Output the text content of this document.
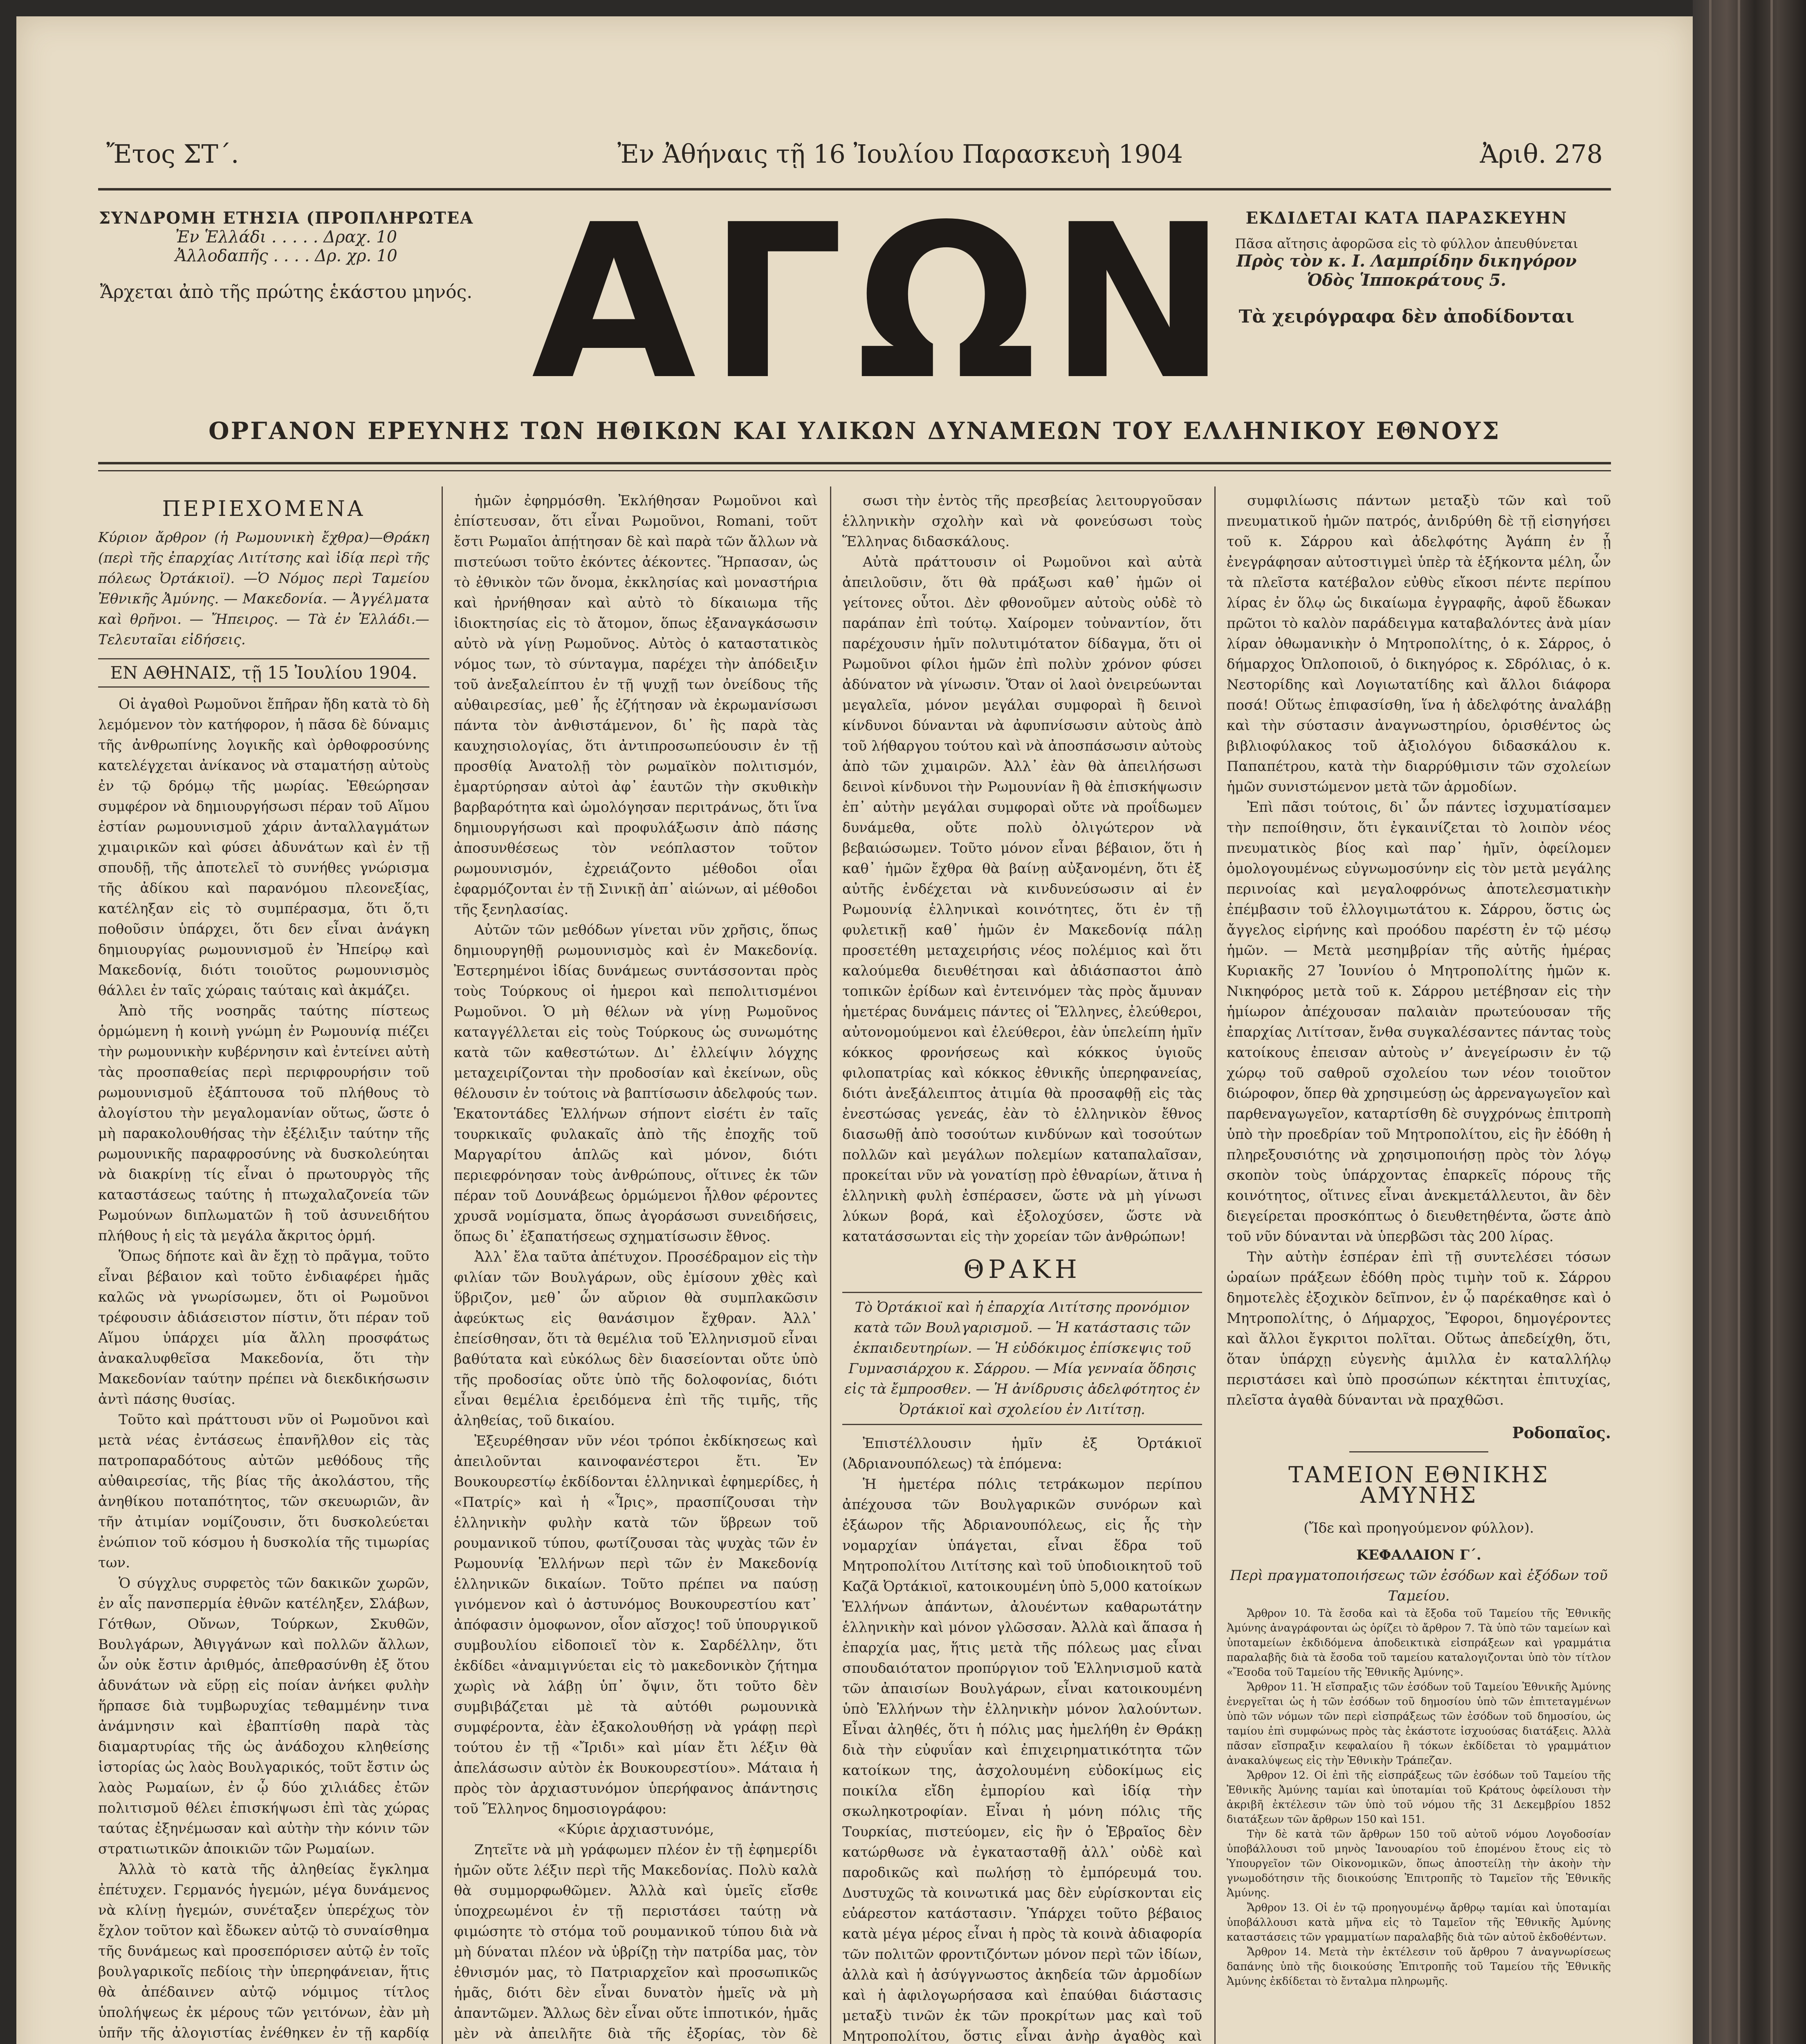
Ἔτος ΣΤ΄.	Ἐν Ἀθήναις τῇ 16 Ἰουλίου Παρασκευὴ 1904	Ἀριθ. 278
ΣΥΝΔΡΟΜΗ ΕΤΗΣΙΑ (ΠΡΟΠΛΗΡΩΤΕΑ
Ἐν Ἑλλάδι . . . . . Δραχ. 10
Ἀλλοδαπῆς . . . . Δρ. χρ. 10
Ἄρχεται ἀπὸ τῆς πρώτης ἑκάστου μηνός. ΑΓΩΝ ΕΚΔΙΔΕΤΑΙ ΚΑΤΑ ΠΑΡΑΣΚΕΥΗΝ
Πᾶσα αἴτησις ἀφορῶσα εἰς τὸ φύλλον ἀπευθύνεται
Πρὸς τὸν κ. Ι. Λαμπρίδην δικηγόρον
Ὁδὸς Ἱπποκράτους 5.
Τὰ χειρόγραφα δὲν ἀποδίδονται
ΟΡΓΑΝΟΝ ΕΡΕΥΝΗΣ ΤΩΝ ΗΘΙΚΩΝ ΚΑΙ ΥΛΙΚΩΝ ΔΥΝΑΜΕΩΝ ΤΟΥ ΕΛΛΗΝΙΚΟΥ ΕΘΝΟΥΣ
ΠΕΡΙΕΧΟΜΕΝΑ
Κύριον ἄρθρον (ἡ Ρωμουνικὴ ἔχθρα)—Θράκη (περὶ τῆς ἐπαρχίας Λιτίτσης καὶ ἰδίᾳ περὶ τῆς πόλεως Ὀρτάκιοϊ). —Ὁ Νόμος περὶ Ταμείου Ἐθνικῆς Ἀμύνης. — Μακεδονία. — Ἀγγέλματα καὶ θρῆνοι. — Ἤπειρος. — Τὰ ἐν Ἑλλάδι.—Τελευταῖαι εἰδήσεις.
ΕΝ ΑΘΗΝΑΙΣ, τῇ 15 Ἰουλίου 1904.

Οἱ ἀγαθοὶ Ρωμοῦνοι ἔπῆραν ἤδη κατὰ τὸ δὴ λεμόμενον τὸν κατήφορον, ἡ πᾶσα δὲ δύναμις τῆς ἀνθρωπίνης λογικῆς καὶ ὀρθοφροσύνης κατελέγχεται ἀνίκανος νὰ σταματήσῃ αὐτοὺς ἐν τῷ δρόμῳ τῆς μωρίας. Ἐθεώρησαν συμφέρον νὰ δημιουργήσωσι πέραν τοῦ Αἵμου ἐστίαν ρωμουνισμοῦ χάριν ἀνταλλαγμάτων χιμαιρικῶν καὶ φύσει ἀδυνάτων καὶ ἐν τῇ σπουδῇ, τῆς ἀποτελεῖ τὸ συνήθες γνώρισμα τῆς ἀδίκου καὶ παρανόμου πλεονεξίας, κατέληξαν εἰς τὸ συμπέρασμα, ὅτι ὅ,τι ποθοῦσιν ὑπάρχει, ὅτι δεν εἶναι ἀνάγκη δημιουργίας ρωμουνισμοῦ ἐν Ἠπείρῳ καὶ Μακεδονίᾳ, διότι τοιοῦτος ρωμουνισμὸς θάλλει ἐν ταῖς χώραις ταύταις καὶ ἀκμάζει.

Ἀπὸ τῆς νοσηρᾶς ταύτης πίστεως ὁρμώμενη ἡ κοινὴ γνώμη ἐν Ρωμουνίᾳ πιέζει τὴν ρωμουνικὴν κυβέρνησιν καὶ ἐντείνει αὐτὴ τὰς προσπαθείας περὶ περιφρουρήσιν τοῦ ρωμουνισμοῦ ἐξάπτουσα τοῦ πλήθους τὸ ἀλογίστου τὴν μεγαλομανίαν οὕτως, ὥστε ὁ μὴ παρακολουθήσας τὴν ἐξέλιξιν ταύτην τῆς ρωμουνικῆς παραφροσύνης νὰ δυσκολεύηται νὰ διακρίνῃ τίς εἶναι ὁ πρωτουργὸς τῆς καταστάσεως ταύτης ἡ πτωχαλαζονεία τῶν Ρωμούνων διπλωματῶν ἢ τοῦ ἀσυνειδήτου πλήθους ἡ εἰς τὰ μεγάλα ἄκριτος ὁρμή.

Ὅπως δήποτε καὶ ἂν ἔχῃ τὸ πρᾶγμα, τοῦτο εἶναι βέβαιον καὶ τοῦτο ἐνδιαφέρει ἡμᾶς καλῶς νὰ γνωρίσωμεν, ὅτι οἱ Ρωμοῦνοι τρέφουσιν ἀδιάσειστον πίστιν, ὅτι πέραν τοῦ Αἵμου ὑπάρχει μία ἄλλη προσφάτως ἀνακαλυφθεῖσα Μακεδονία, ὅτι τὴν Μακεδονίαν ταύτην πρέπει νὰ διεκδικήσωσιν ἀντὶ πάσης θυσίας.

Τοῦτο καὶ πράττουσι νῦν οἱ Ρωμοῦνοι καὶ μετὰ νέας ἐντάσεως ἐπανῆλθον εἰς τὰς πατροπαραδότους αὐτῶν μεθόδους τῆς αὐθαιρεσίας, τῆς βίας τῆς ἀκολάστου, τῆς ἀνηθίκου ποταπότητος, τῶν σκευωριῶν, ἂν τῆν ἀτιμίαν νομίζουσιν, ὅτι δυσκολεύεται ἐνώπιον τοῦ κόσμου ἡ δυσκολία τῆς τιμωρίας των.

Ὁ σύγχλυς συρφετὸς τῶν δακικῶν χωρῶν, ἐν αἷς πανσπερμία ἐθνῶν κατέληξεν, Σλάβων, Γότθων, Οὔνων, Τούρκων, Σκυθῶν, Βουλγάρων, Ἀθιγγάνων καὶ πολλῶν ἄλλων, ὧν οὐκ ἔστιν ἀριθμός, ἀπεθρασύνθη ἐξ ὅτου ἀδυνάτων νὰ εὕρῃ εἰς ποίαν ἀνήκει φυλὴν ἥρπασε διὰ τυμβωρυχίας τεθαμμένην τινα ἀνάμνησιν καὶ ἐβαπτίσθη παρὰ τὰς διαμαρτυρίας τῆς ὡς ἀνάδοχου κληθείσης ἱστορίας ὡς λαὸς Βουλγαρικός, τοῦτ ἔστιν ὡς λαὸς Ρωμαίων, ἐν ᾧ δύο χιλιάδες ἐτῶν πολιτισμοῦ θέλει ἐπισκήψωσι ἐπὶ τὰς χώρας ταύτας ἐξηνέμωσαν καὶ αὐτὴν τὴν κόνιν τῶν στρατιωτικῶν ἀποικιῶν τῶν Ρωμαίων.

Ἀλλὰ τὸ κατὰ τῆς ἀληθείας ἔγκλημα ἐπέτυχεν. Γερμανός ἡγεμών, μέγα δυνάμενος νὰ κλίνῃ ἡγεμών, συνέταξεν ὑπερέχως τὸν ἔχλον τοῦτον καὶ ἔδωκεν αὐτῷ τὸ συναίσθημα τῆς δυνάμεως καὶ προσεπόρισεν αὐτῷ ἐν τοῖς βουλγαρικοῖς πεδίοις τὴν ὑπερηφάνειαν, ἥτις θὰ ἀπέδαινεν αὐτῷ νόμιμος τίτλος ὑπολήψεως ἐκ μέρους τῶν γειτόνων, ἐὰν μὴ ὑπῆν τῆς ἀλογιστίας ἐνέθηκεν ἐν τῇ καρδίᾳ

ἡμῶν ἐφηρμόσθη. Ἐκλήθησαν Ρωμοῦνοι καὶ ἐπίστευσαν, ὅτι εἶναι Ρωμοῦνοι, Romani, τοῦτ ἔστι Ρωμαῖοι ἀπῄτησαν δὲ καὶ παρὰ τῶν ἄλλων νὰ πιστεύωσι τοῦτο ἐκόντες ἀέκοντες. Ἥρπασαν, ὡς τὸ ἐθνικὸν τῶν ὄνομα, ἐκκλησίας καὶ μοναστήρια καὶ ἠρνήθησαν καὶ αὐτὸ τὸ δίκαιωμα τῆς ἰδιοκτησίας εἰς τὸ ἄτομον, ὅπως ἐξαναγκάσωσιν αὐτὸ νὰ γίνῃ Ρωμοῦνος. Αὐτὸς ὁ καταστατικὸς νόμος των, τὸ σύνταγμα, παρέχει τὴν ἀπόδειξιν τοῦ ἀνεξαλείπτου ἐν τῇ ψυχῇ των ὀνείδους τῆς αὐθαιρεσίας, μεθ᾿ ἧς ἐζήτησαν νὰ ἐκρωμανίσωσι πάντα τὸν ἀνθιστάμενον, δι᾿ ἣς παρὰ τὰς καυχησιολογίας, ὅτι ἀντιπροσωπεύουσιν ἐν τῇ προσθίᾳ Ἀνατολῇ τὸν ρωμαϊκὸν πολιτισμόν, ἐμαρτύρησαν αὐτοὶ ἀφ᾿ ἑαυτῶν τὴν σκυθικὴν βαρβαρότητα καὶ ὡμολόγησαν περιτράνως, ὅτι ἵνα δημιουργήσωσι καὶ προφυλάξωσιν ἀπὸ πάσης ἀποσυνθέσεως τὸν νεόπλαστον τοῦτον ρωμουνισμόν, ἐχρειάζοντο μέθοδοι οἷαι ἐφαρμόζονται ἐν τῇ Σινικῇ ἀπ᾿ αἰώνων, αἱ μέθοδοι τῆς ξενηλασίας.

Αὐτῶν τῶν μεθόδων γίνεται νῦν χρῆσις, ὅπως δημιουργηθῇ ρωμουνισμὸς καὶ ἐν Μακεδονίᾳ. Ἐστερημένοι ἰδίας δυνάμεως συντάσσονται πρὸς τοὺς Τούρκους οἱ ἡμεροι καὶ πεπολιτισμένοι Ρωμοῦνοι. Ὁ μὴ θέλων νὰ γίνῃ Ρωμοῦνος καταγγέλλεται εἰς τοὺς Τούρκους ὡς συνωμότης κατὰ τῶν καθεστώτων. Δι᾿ ἐλλείψιν λόγχης μεταχειρίζονται τὴν προδοσίαν καὶ ἐκείνων, οὓς θέλουσιν ἐν τούτοις νὰ βαπτίσωσιν ἀδελφούς των. Ἑκατοντάδες Ἑλλήνων σήποντ εἰσέτι ἐν ταῖς τουρκικαῖς φυλακαῖς ἀπὸ τῆς ἐποχῆς τοῦ Μαργαρίτου ἁπλῶς καὶ μόνον, διότι περιεφρόνησαν τοὺς ἀνθρώπους, οἵτινες ἐκ τῶν πέραν τοῦ Δουνάβεως ὁρμώμενοι ἦλθον φέροντες χρυσᾶ νομίσματα, ὅπως ἀγοράσωσι συνειδήσεις, ὅπως δι᾿ ἐξαπατήσεως σχηματίσωσιν ἔθνος.

Ἀλλ᾿ ἔλα ταῦτα ἀπέτυχον. Προσέδραμον εἰς τὴν φιλίαν τῶν Βουλγάρων, οὓς ἐμίσουν χθὲς καὶ ὕβριζον, μεθ᾿ ὧν αὔριον θὰ συμπλακῶσιν ἀφεύκτως εἰς θανάσιμον ἔχθραν. Ἀλλ᾿ ἐπείσθησαν, ὅτι τὰ θεμέλια τοῦ Ἑλληνισμοῦ εἶναι βαθύτατα καὶ εὐκόλως δὲν διασείονται οὔτε ὑπὸ τῆς προδοσίας οὔτε ὑπὸ τῆς δολοφονίας, διότι εἶναι θεμέλια ἐρειδόμενα ἐπὶ τῆς τιμῆς, τῆς ἀληθείας, τοῦ δικαίου.

Ἐξευρέθησαν νῦν νέοι τρόποι ἐκδίκησεως καὶ ἀπειλοῦνται καινοφανέστεροι ἔτι. Ἐν Βουκουρεστίῳ ἐκδίδονται ἑλληνικαὶ ἐφημερίδες, ἡ «Πατρίς» καὶ ἡ «Ἶρις», πρασπίζουσαι τὴν ἑλληνικὴν φυλὴν κατὰ τῶν ὕβρεων τοῦ ρουμανικοῦ τύπου, φωτίζουσαι τὰς ψυχὰς τῶν ἐν Ρωμουνίᾳ Ἑλλήνων περὶ τῶν ἐν Μακεδονίᾳ ἑλληνικῶν δικαίων. Τοῦτο πρέπει να παύσῃ γινόμενον καὶ ὁ ἀστυνόμος Βουκουρεστίου κατ᾿ ἀπόφασιν ὁμοφωνον, οἷον αἴσχος! τοῦ ὑπουργικοῦ συμβουλίου εἰδοποιεῖ τὸν κ. Σαρδέλλην, ὅτι ἐκδίδει «ἀναμιγνύεται εἰς τὸ μακεδονικὸν ζήτημα χωρὶς νὰ λάβῃ ὑπ᾿ ὄψιν, ὅτι τοῦτο δὲν συμβιβάζεται μὲ τὰ αὐτόθι ρωμουνικὰ συμφέροντα, ἐὰν ἐξακολουθήσῃ νὰ γράφῃ περὶ τούτου ἐν τῇ «Ἴριδι» καὶ μίαν ἔτι λέξιν θὰ ἀπελάσωσιν αὐτὸν ἐκ Βουκουρεστίου». Μάταια ἡ πρὸς τὸν ἀρχιαστυνόμον ὑπερήφανος ἀπάντησις τοῦ Ἕλληνος δημοσιογράφου:

«Κύριε ἀρχιαστυνόμε,

Ζητεῖτε νὰ μὴ γράφωμεν πλέον ἐν τῇ ἐφημερίδι ἡμῶν οὔτε λέξιν περὶ τῆς Μακεδονίας. Πολὺ καλὰ θὰ συμμορφωθῶμεν. Ἀλλὰ καὶ ὑμεῖς εἴσθε ὑποχρεωμένοι ἐν τῇ περιστάσει ταύτῃ νὰ φιμώσητε τὸ στόμα τοῦ ρουμανικοῦ τύπου διὰ νὰ μὴ δύναται πλέον νὰ ὑβρίζῃ τὴν πατρίδα μας, τὸν ἐθνισμόν μας, τὸ Πατριαρχεῖον καὶ προσωπικῶς ἡμᾶς, διότι δὲν εἶναι δυνατὸν ἡμεῖς νὰ μὴ ἀπαντῶμεν. Ἄλλως δὲν εἶναι οὔτε ἱπποτικόν, ἡμᾶς μὲν νὰ ἀπειλῆτε διὰ τῆς ἐξορίας, τὸν δὲ

σωσι τὴν ἐντὸς τῆς πρεσβείας λειτουργοῦσαν ἑλληνικὴν σχολὴν καὶ νὰ φονεύσωσι τοὺς Ἕλληνας διδασκάλους.

Αὐτὰ πράττουσιν οἱ Ρωμοῦνοι καὶ αὐτὰ ἀπειλοῦσιν, ὅτι θὰ πράξωσι καθ᾿ ἡμῶν οἱ γείτονες οὗτοι. Δὲν φθονοῦμεν αὐτοὺς οὐδὲ τὸ παράπαν ἐπὶ τούτῳ. Χαίρομεν τοὐναντίον, ὅτι παρέχουσιν ἡμῖν πολυτιμότατον δίδαγμα, ὅτι οἱ Ρωμοῦνοι φίλοι ἡμῶν ἐπὶ πολὺν χρόνον φύσει ἀδύνατον νὰ γίνωσιν. Ὅταν οἱ λαοὶ ὀνειρεύωνται μεγαλεῖα, μόνον μεγάλαι συμφοραὶ ἢ δεινοὶ κίνδυνοι δύνανται νὰ ἀφυπνίσωσιν αὐτοὺς ἀπὸ τοῦ λήθαργου τούτου καὶ νὰ ἀποσπάσωσιν αὐτοὺς ἀπὸ τῶν χιμαιρῶν. Ἀλλ᾿ ἐὰν θὰ ἀπειλήσωσι δεινοὶ κίνδυνοι τὴν Ρωμουνίαν ἢ θὰ ἐπισκήψωσιν ἐπ᾿ αὐτὴν μεγάλαι συμφοραὶ οὔτε νὰ προΐδωμεν δυνάμεθα, οὔτε πολὺ ὀλιγώτερον νὰ βεβαιώσωμεν. Τοῦτο μόνον εἶναι βέβαιον, ὅτι ἡ καθ᾿ ἡμῶν ἔχθρα θὰ βαίνῃ αὐξανομένη, ὅτι ἐξ αὐτῆς ἐνδέχεται νὰ κινδυνεύσωσιν αἱ ἐν Ρωμουνίᾳ ἑλληνικαὶ κοινότητες, ὅτι ἐν τῇ φυλετικῇ καθ᾿ ἡμῶν ἐν Μακεδονίᾳ πάλῃ προσετέθη μεταχειρήσις νέος πολέμιος καὶ ὅτι καλούμεθα διευθέτησαι καὶ ἀδιάσπαστοι ἀπὸ τοπικῶν ἐρίδων καὶ ἐντεινόμεν τὰς πρὸς ἄμυναν ἡμετέρας δυνάμεις πάντες οἱ Ἕλληνες, ἐλεύθεροι, αὐτονομούμενοι καὶ ἐλεύθεροι, ἐὰν ὑπελείπη ἡμῖν κόκκος φρονήσεως καὶ κόκκος ὑγιοῦς φιλοπατρίας καὶ κόκκος ἐθνικῆς ὑπερηφανείας, διότι ἀνεξάλειπτος ἀτιμία θὰ προσαφθῇ εἰς τὰς ἐνεστώσας γενεάς, ἐὰν τὸ ἑλληνικὸν ἔθνος διασωθῇ ἀπὸ τοσούτων κινδύνων καὶ τοσούτων πολλῶν καὶ μεγάλων πολεμίων καταπαλαῖσαν, προκείται νῦν νὰ γονατίσῃ πρὸ ἐθναρίων, ἅτινα ἡ ἑλληνικὴ φυλὴ ἐσπέρασεν, ὥστε νὰ μὴ γίνωσι λύκων βορά, καὶ ἐξολοχύσεν, ὥστε νὰ κατατάσσωνται εἰς τὴν χορείαν τῶν ἀνθρώπων!

ΘΡΑΚΗ
Τὸ Ὀρτάκιοϊ καὶ ἡ ἐπαρχία Λιτίτσης προνόμιον κατὰ τῶν Βουλγαρισμοῦ. — Ἡ κατάστασις τῶν ἐκπαιδευτηρίων. — Ἡ εὐδόκιμος ἐπίσκεψις τοῦ Γυμνασιάρχου κ. Σάρρου. — Μία γενναία ὅδησις εἰς τὰ ἔμπροσθεν. — Ἡ ἀνίδρυσις ἀδελφότητος ἐν Ὀρτάκιοϊ καὶ σχολείου ἐν Λιτίτσῃ.

Ἐπιστέλλουσιν ἡμῖν ἐξ Ὀρτάκιοϊ (Ἀδριανουπόλεως) τὰ ἑπόμενα:

Ἡ ἡμετέρα πόλις τετράκωμον περίπου ἀπέχουσα τῶν Βουλγαρικῶν συνόρων καὶ ἐξάωρον τῆς Ἀδριανουπόλεως, εἰς ἧς τὴν νομαρχίαν ὑπάγεται, εἶναι ἕδρα τοῦ Μητροπολίτου Λιτίτσης καὶ τοῦ ὑποδιοικητοῦ τοῦ Καζᾶ Ὀρτάκιοϊ, κατοικουμένη ὑπὸ 5,000 κατοίκων Ἑλλήνων ἁπάντων, ἀλουέντων καθαρωτάτην ἑλληνικὴν καὶ μόνον γλῶσσαν. Ἀλλὰ καὶ ἅπασα ἡ ἐπαρχία μας, ἥτις μετὰ τῆς πόλεως μας εἶναι σπουδαιότατον προπύργιον τοῦ Ἑλληνισμοῦ κατὰ τῶν ἀπαισίων Βουλγάρων, εἶναι κατοικουμένη ὑπὸ Ἑλλήνων τὴν ἑλληνικὴν μόνον λαλούντων. Εἶναι ἀληθές, ὅτι ἡ πόλις μας ἠμελήθη ἐν Θράκῃ διὰ τὴν εὐφυΐαν καὶ ἐπιχειρηματικότητα τῶν κατοίκων της, ἀσχολουμένη εὐδοκίμως εἰς ποικίλα εἴδη ἐμπορίου καὶ ἰδίᾳ τὴν σκωληκοτροφίαν. Εἶναι ἡ μόνη πόλις τῆς Τουρκίας, πιστεύομεν, εἰς ἣν ὁ Ἑβραῖος δὲν κατώρθωσε νὰ ἐγκατασταθῇ ἀλλ᾿ οὐδὲ καὶ παροδικῶς καὶ πωλήσῃ τὸ ἐμπόρευμά του. Δυστυχῶς τὰ κοινωτικά μας δὲν εὑρίσκονται εἰς εὐάρεστον κατάστασιν. Ὑπάρχει τοῦτο βέβαιος κατὰ μέγα μέρος εἶναι ἡ πρὸς τὰ κοινὰ ἀδιαφορία τῶν πολιτῶν φροντιζόντων μόνον περὶ τῶν ἰδίων, ἀλλὰ καὶ ἡ ἀσύγγνωστος ἀκηδεία τῶν ἀρμοδίων καὶ ἡ ἀφιλογωρήσασα καὶ ἐπαύθαι διάστασις μεταξὺ τινῶν ἐκ τῶν προκρίτων μας καὶ τοῦ Μητροπολίτου, ὅστις εἶναι ἀνὴρ ἀγαθὸς καὶ

συμφιλίωσις πάντων μεταξὺ τῶν καὶ τοῦ πνευματικοῦ ἡμῶν πατρός, ἀνιδρύθη δὲ τῇ εἰσηγήσει τοῦ κ. Σάρρου καὶ ἀδελφότης Ἀγάπη ἐν ᾗ ἐνεγράφησαν αὐτοστιγμεὶ ὑπὲρ τὰ ἑξήκοντα μέλη, ὧν τὰ πλεῖστα κατέβαλον εὐθὺς εἴκοσι πέντε περίπου λίρας ἐν ὅλῳ ὡς δικαίωμα ἐγγραφῆς, ἀφοῦ ἔδωκαν πρῶτοι τὸ καλὸν παράδειγμα καταβαλόντες ἀνὰ μίαν λίραν ὀθωμανικὴν ὁ Μητροπολίτης, ὁ κ. Σάρρος, ὁ δήμαρχος Ὀπλοποιοῦ, ὁ δικηγόρος κ. Σδρόλιας, ὁ κ. Νεστορίδης καὶ Λογιωτατίδης καὶ ἄλλοι διάφορα ποσά! Οὕτως ἐπιφασίσθη, ἵνα ἡ ἀδελφότης ἀναλάβῃ καὶ τὴν σύστασιν ἀναγνωστηρίου, ὁρισθέντος ὡς βιβλιοφύλακος τοῦ ἀξιολόγου διδασκάλου κ. Παπαπέτρου, κατὰ τὴν διαρρύθμισιν τῶν σχολείων ἡμῶν συνιστώμενον μετὰ τῶν ἁρμοδίων.

Ἐπὶ πᾶσι τούτοις, δι᾿ ὧν πάντες ἰσχυματίσαμεν τὴν πεποίθησιν, ὅτι ἐγκαινίζεται τὸ λοιπὸν νέος πνευματικὸς βίος καὶ παρ᾿ ἡμῖν, ὀφείλομεν ὁμολογουμένως εὐγνωμοσύνην εἰς τὸν μετὰ μεγάλης περινοίας καὶ μεγαλοφρόνως ἀποτελεσματικὴν ἐπέμβασιν τοῦ ἐλλογιμωτάτου κ. Σάρρου, ὅστις ὡς ἄγγελος εἰρήνης καὶ προόδου παρέστη ἐν τῷ μέσῳ ἡμῶν. — Μετὰ μεσημβρίαν τῆς αὐτῆς ἡμέρας Κυριακῆς 27 Ἰουνίου ὁ Μητροπολίτης ἡμῶν κ. Νικηφόρος μετὰ τοῦ κ. Σάρρου μετέβησαν εἰς τὴν ἡμίωρον ἀπέχουσαν παλαιὰν πρωτεύουσαν τῆς ἐπαρχίας Λιτίτσαν, ἔνθα συγκαλέσαντες πάντας τοὺς κατοίκους ἐπεισαν αὐτοὺς νʼ ἀνεγείρωσιν ἐν τῷ χώρῳ τοῦ σαθροῦ σχολείου των νέον τοιοῦτον διώροφον, ὅπερ θὰ χρησιμεύσῃ ὡς ἀρρεναγωγεῖον καὶ παρθεναγωγεῖον, καταρτίσθη δὲ συγχρόνως ἐπιτροπὴ ὑπὸ τὴν προεδρίαν τοῦ Μητροπολίτου, εἰς ἣν ἐδόθη ἡ πληρεξουσιότης νὰ χρησιμοποιήσῃ πρὸς τὸν λόγῳ σκοπὸν τοὺς ὑπάρχοντας ἐπαρκεῖς πόρους τῆς κοινότητος, οἵτινες εἶναι ἀνεκμετάλλευτοι, ἂν δὲν διεγείρεται προσκόπτως ὁ διευθετηθέντα, ὥστε ἀπὸ τοῦ νῦν δύνανται νὰ ὑπερβῶσι τὰς 200 λίρας.

Τὴν αὐτὴν ἑσπέραν ἐπὶ τῇ συντελέσει τόσων ὡραίων πράξεων ἐδόθη πρὸς τιμὴν τοῦ κ. Σάρρου δημοτελὲς ἐξοχικὸν δεῖπνον, ἐν ᾧ παρέκαθησε καὶ ὁ Μητροπολίτης, ὁ Δήμαρχος, Ἔφοροι, δημογέροντες καὶ ἄλλοι ἔγκριτοι πολῖται. Οὕτως ἀπεδείχθη, ὅτι, ὅταν ὑπάρχῃ εὐγενὴς ἁμιλλα ἐν καταλλήλῳ περιστάσει καὶ ὑπὸ προσώπων κέκτηται ἐπιτυχίας, πλεῖστα ἀγαθὰ δύνανται νὰ πραχθῶσι.

Ροδοπαῖος.
ΤΑΜΕΙΟΝ ΕΘΝΙΚΗΣ ΑΜΥΝΗΣ
(Ἴδε καὶ προηγούμενον φύλλον).
ΚΕΦΑΛΑΙΟΝ Γ΄.
Περὶ πραγματοποιήσεως τῶν ἐσόδων καὶ ἐξόδων τοῦ Ταμείου.

Ἄρθρον 10. Τὰ ἔσοδα καὶ τὰ ἔξοδα τοῦ Ταμείου τῆς Ἐθνικῆς Ἀμύνης ἀναγράφονται ὡς ὁρίζει τὸ ἄρθρον 7. Τὰ ὑπὸ τῶν ταμείων καὶ ὑποταμείων ἐκδιδόμενα ἀποδεικτικὰ εἰσπράξεων καὶ γραμμάτια παραλαβῆς διὰ τὰ ἔσοδα τοῦ ταμείου καταλογιζονται ὑπὸ τὸν τίτλον «Ἔσοδα τοῦ Ταμείου τῆς Ἐθνικῆς Ἀμύνης».

Ἄρθρον 11. Ἡ εἴσπραξις τῶν ἐσόδων τοῦ Ταμείου Ἐθνικῆς Ἀμύνης ἐνεργεῖται ὡς ἡ τῶν ἐσόδων τοῦ δημοσίου ὑπὸ τῶν ἐπιτεταγμένων ὑπὸ τῶν νόμων τῶν περὶ εἰσπράξεως τῶν ἐσόδων τοῦ δημοσίου, ὡς ταμίου ἐπὶ συμφώνως πρὸς τὰς ἐκάστοτε ἰσχυούσας διατάξεις. Ἀλλὰ πᾶσαν εἴσπραξιν κεφαλαίου ἢ τόκων ἐκδίδεται τὸ γραμμάτιον ἀνακαλύψεως εἰς τὴν Ἐθνικὴν Τράπεζαν.

Ἄρθρον 12. Οἱ ἐπὶ τῆς εἰσπράξεως τῶν ἐσόδων τοῦ Ταμείου τῆς Ἐθνικῆς Ἀμύνης ταμίαι καὶ ὑποταμίαι τοῦ Κράτους ὀφείλουσι τὴν ἀκριβῆ ἐκτέλεσιν τῶν ὑπὸ τοῦ νόμου τῆς 31 Δεκεμβρίου 1852 διατάξεων τῶν ἄρθρων 150 καὶ 151.

Τὴν δὲ κατὰ τῶν ἄρθρων 150 τοῦ αὐτοῦ νόμου Λογοδοσίαν ὑποβάλλουσι τοῦ μηνὸς Ἰανουαρίου τοῦ ἑπομένου ἔτους εἰς τὸ Ὑπουργεῖον τῶν Οἰκονομικῶν, ὅπως ἀποστείλῃ τὴν ἀκοὴν τὴν γνωμοδότησιν τῆς διοικούσης Ἐπιτροπῆς τὸ Ταμεῖον τῆς Ἐθνικῆς Ἀμύνης.

Ἄρθρον 13. Οἱ ἐν τῷ προηγουμένῳ ἄρθρῳ ταμίαι καὶ ὑποταμίαι ὑποβάλλουσι κατὰ μῆνα εἰς τὸ Ταμεῖον τῆς Ἐθνικῆς Ἀμύνης καταστάσεις τῶν γραμματίων παραλαβῆς διὰ τῶν αὐτοῦ ἐκδοθέντων.

Ἄρθρον 14. Μετὰ τὴν ἐκτέλεσιν τοῦ ἄρθρου 7 ἀναγνωρίσεως δαπάνης ὑπὸ τῆς διοικούσης Ἐπιτροπῆς τοῦ Ταμείου τῆς Ἐθνικῆς Ἀμύνης ἐκδίδεται τὸ ἔνταλμα πληρωμῆς.
